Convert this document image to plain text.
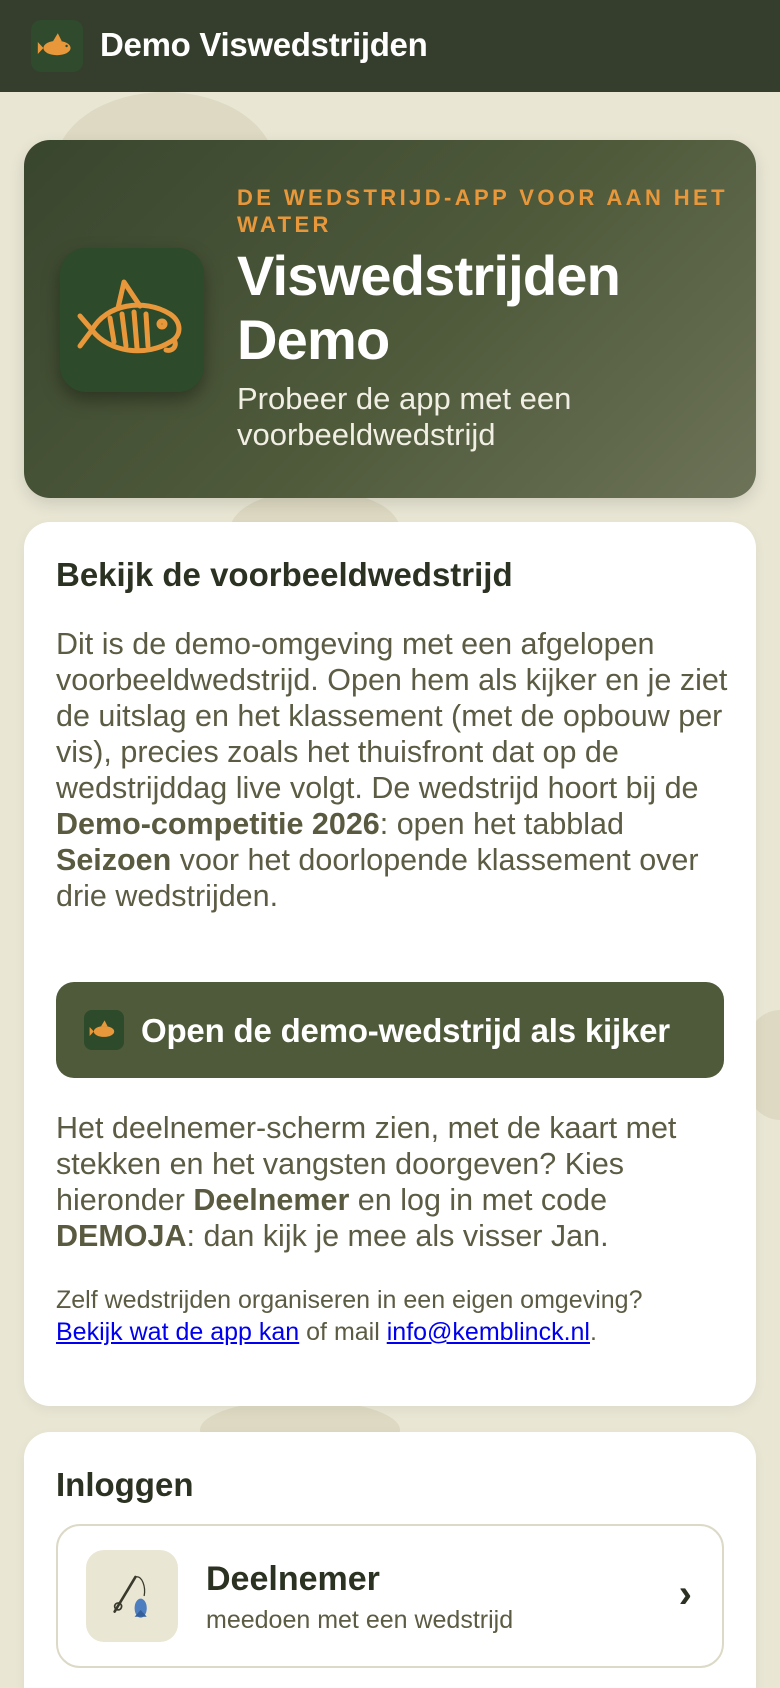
Demo Viswedstrijden
DE WEDSTRIJD-APP VOOR AAN HET WATER
Viswedstrijden Demo
Probeer de app met een voorbeeldwedstrijd
Bekijk de voorbeeldwedstrijd

Dit is de demo-omgeving met een afgelopen voorbeeldwedstrijd. Open hem als kijker en je ziet de uitslag en het klassement (met de opbouw per vis), precies zoals het thuisfront dat op de wedstrijddag live volgt. De wedstrijd hoort bij de Demo-competitie 2026: open het tabblad Seizoen voor het doorlopende klassement over drie wedstrijden.

Open de demo-wedstrijd als kijker

Het deelnemer-scherm zien, met de kaart met stekken en het vangsten doorgeven? Kies hieronder Deelnemer en log in met code DEMOJA: dan kijk je mee als visser Jan.

Zelf wedstrijden organiseren in een eigen omgeving?
Bekijk wat de app kan of mail info@kemblinck.nl.

Inloggen
Deelnemer
meedoen met een wedstrijd
›
